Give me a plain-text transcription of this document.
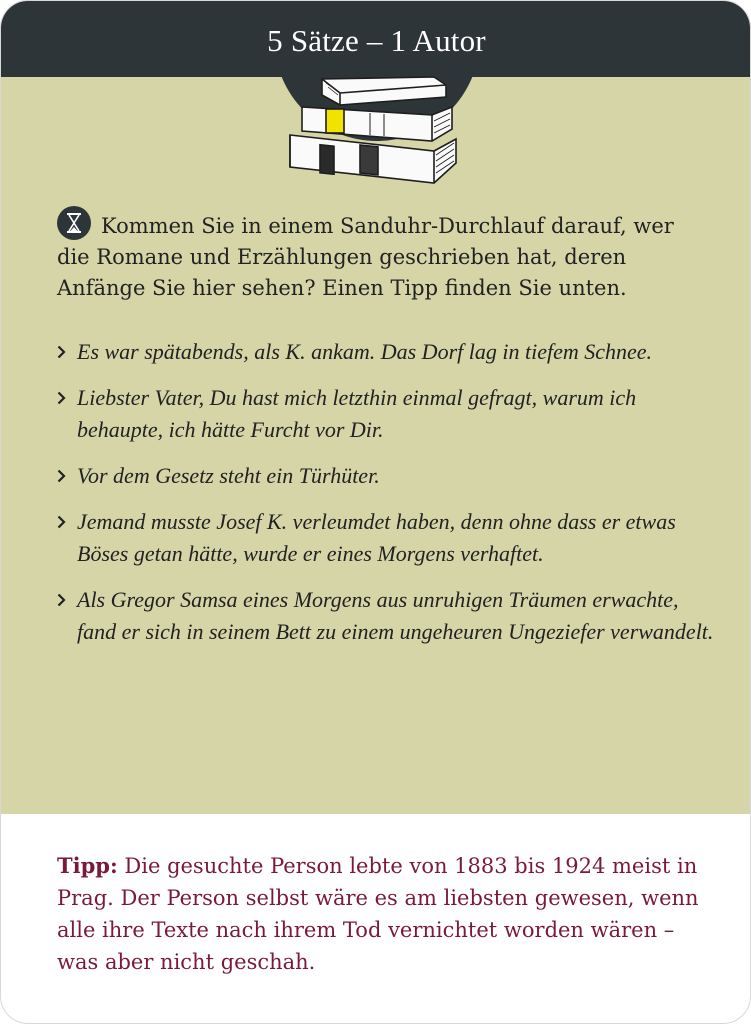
5 Sätze – 1 Autor
Kommen Sie in einem Sanduhr-Durchlauf darauf, wer die Romane und Erzählungen geschrieben hat, deren Anfänge Sie hier sehen? Einen Tipp finden Sie unten.
Es war spätabends, als K. ankam. Das Dorf lag in tiefem Schnee.
Liebster Vater, Du hast mich letzthin einmal gefragt, warum ich behaupte, ich hätte Furcht vor Dir.
Vor dem Gesetz steht ein Türhüter.
Jemand musste Josef K. verleumdet haben, denn ohne dass er etwas Böses getan hätte, wurde er eines Morgens verhaftet.
Als Gregor Samsa eines Morgens aus unruhigen Träumen erwachte, fand er sich in seinem Bett zu einem ungeheuren Ungeziefer verwandelt.
Tipp: Die gesuchte Person lebte von 1883 bis 1924 meist in Prag. Der Person selbst wäre es am liebsten gewesen, wenn alle ihre Texte nach ihrem Tod vernichtet worden wären – was aber nicht geschah.
